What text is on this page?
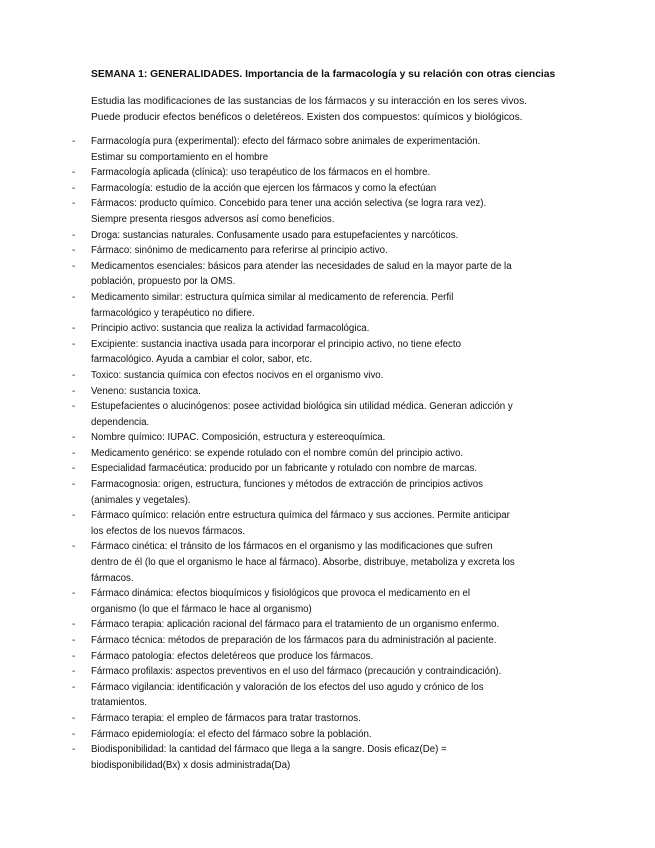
SEMANA 1: GENERALIDADES. Importancia de la farmacología y su relación con otras ciencias
Estudia las modificaciones de las sustancias de los fármacos y su interacción en los seres vivos.
Puede producir efectos benéficos o deletéreos. Existen dos compuestos: químicos y biológicos.
- Farmacología pura (experimental): efecto del fármaco sobre animales de experimentación.
Estimar su comportamiento en el hombre
- Farmacología aplicada (clínica): uso terapéutico de los fármacos en el hombre.
- Farmacología: estudio de la acción que ejercen los fármacos y como la efectúan
- Fármacos: producto químico. Concebido para tener una acción selectiva (se logra rara vez).
Siempre presenta riesgos adversos así como beneficios.
- Droga: sustancias naturales. Confusamente usado para estupefacientes y narcóticos.
- Fármaco: sinónimo de medicamento para referirse al principio activo.
- Medicamentos esenciales: básicos para atender las necesidades de salud en la mayor parte de la
población, propuesto por la OMS.
- Medicamento similar: estructura química similar al medicamento de referencia. Perfil
farmacológico y terapéutico no difiere.
- Principio activo: sustancia que realiza la actividad farmacológica.
- Excipiente: sustancia inactiva usada para incorporar el principio activo, no tiene efecto
farmacológico. Ayuda a cambiar el color, sabor, etc.
- Toxico: sustancia química con efectos nocivos en el organismo vivo.
- Veneno: sustancia toxica.
- Estupefacientes o alucinógenos: posee actividad biológica sin utilidad médica. Generan adicción y
dependencia.
- Nombre químico: IUPAC. Composición, estructura y estereoquímica.
- Medicamento genérico: se expende rotulado con el nombre común del principio activo.
- Especialidad farmacéutica: producido por un fabricante y rotulado con nombre de marcas.
- Farmacognosia: origen, estructura, funciones y métodos de extracción de principios activos
(animales y vegetales).
- Fármaco químico: relación entre estructura química del fármaco y sus acciones. Permite anticipar
los efectos de los nuevos fármacos.
- Fármaco cinética: el tránsito de los fármacos en el organismo y las modificaciones que sufren
dentro de él (lo que el organismo le hace al fármaco). Absorbe, distribuye, metaboliza y excreta los
fármacos.
- Fármaco dinámica: efectos bioquímicos y fisiológicos que provoca el medicamento en el
organismo (lo que el fármaco le hace al organismo)
- Fármaco terapia: aplicación racional del fármaco para el tratamiento de un organismo enfermo.
- Fármaco técnica: métodos de preparación de los fármacos para du administración al paciente.
- Fármaco patología: efectos deletéreos que produce los fármacos.
- Fármaco profilaxis: aspectos preventivos en el uso del fármaco (precaución y contraindicación).
- Fármaco vigilancia: identificación y valoración de los efectos del uso agudo y crónico de los
tratamientos.
- Fármaco terapia: el empleo de fármacos para tratar trastornos.
- Fármaco epidemiología: el efecto del fármaco sobre la población.
- Biodisponibilidad: la cantidad del fármaco que llega a la sangre. Dosis eficaz(De) =
biodisponibilidad(Bx) x dosis administrada(Da)
